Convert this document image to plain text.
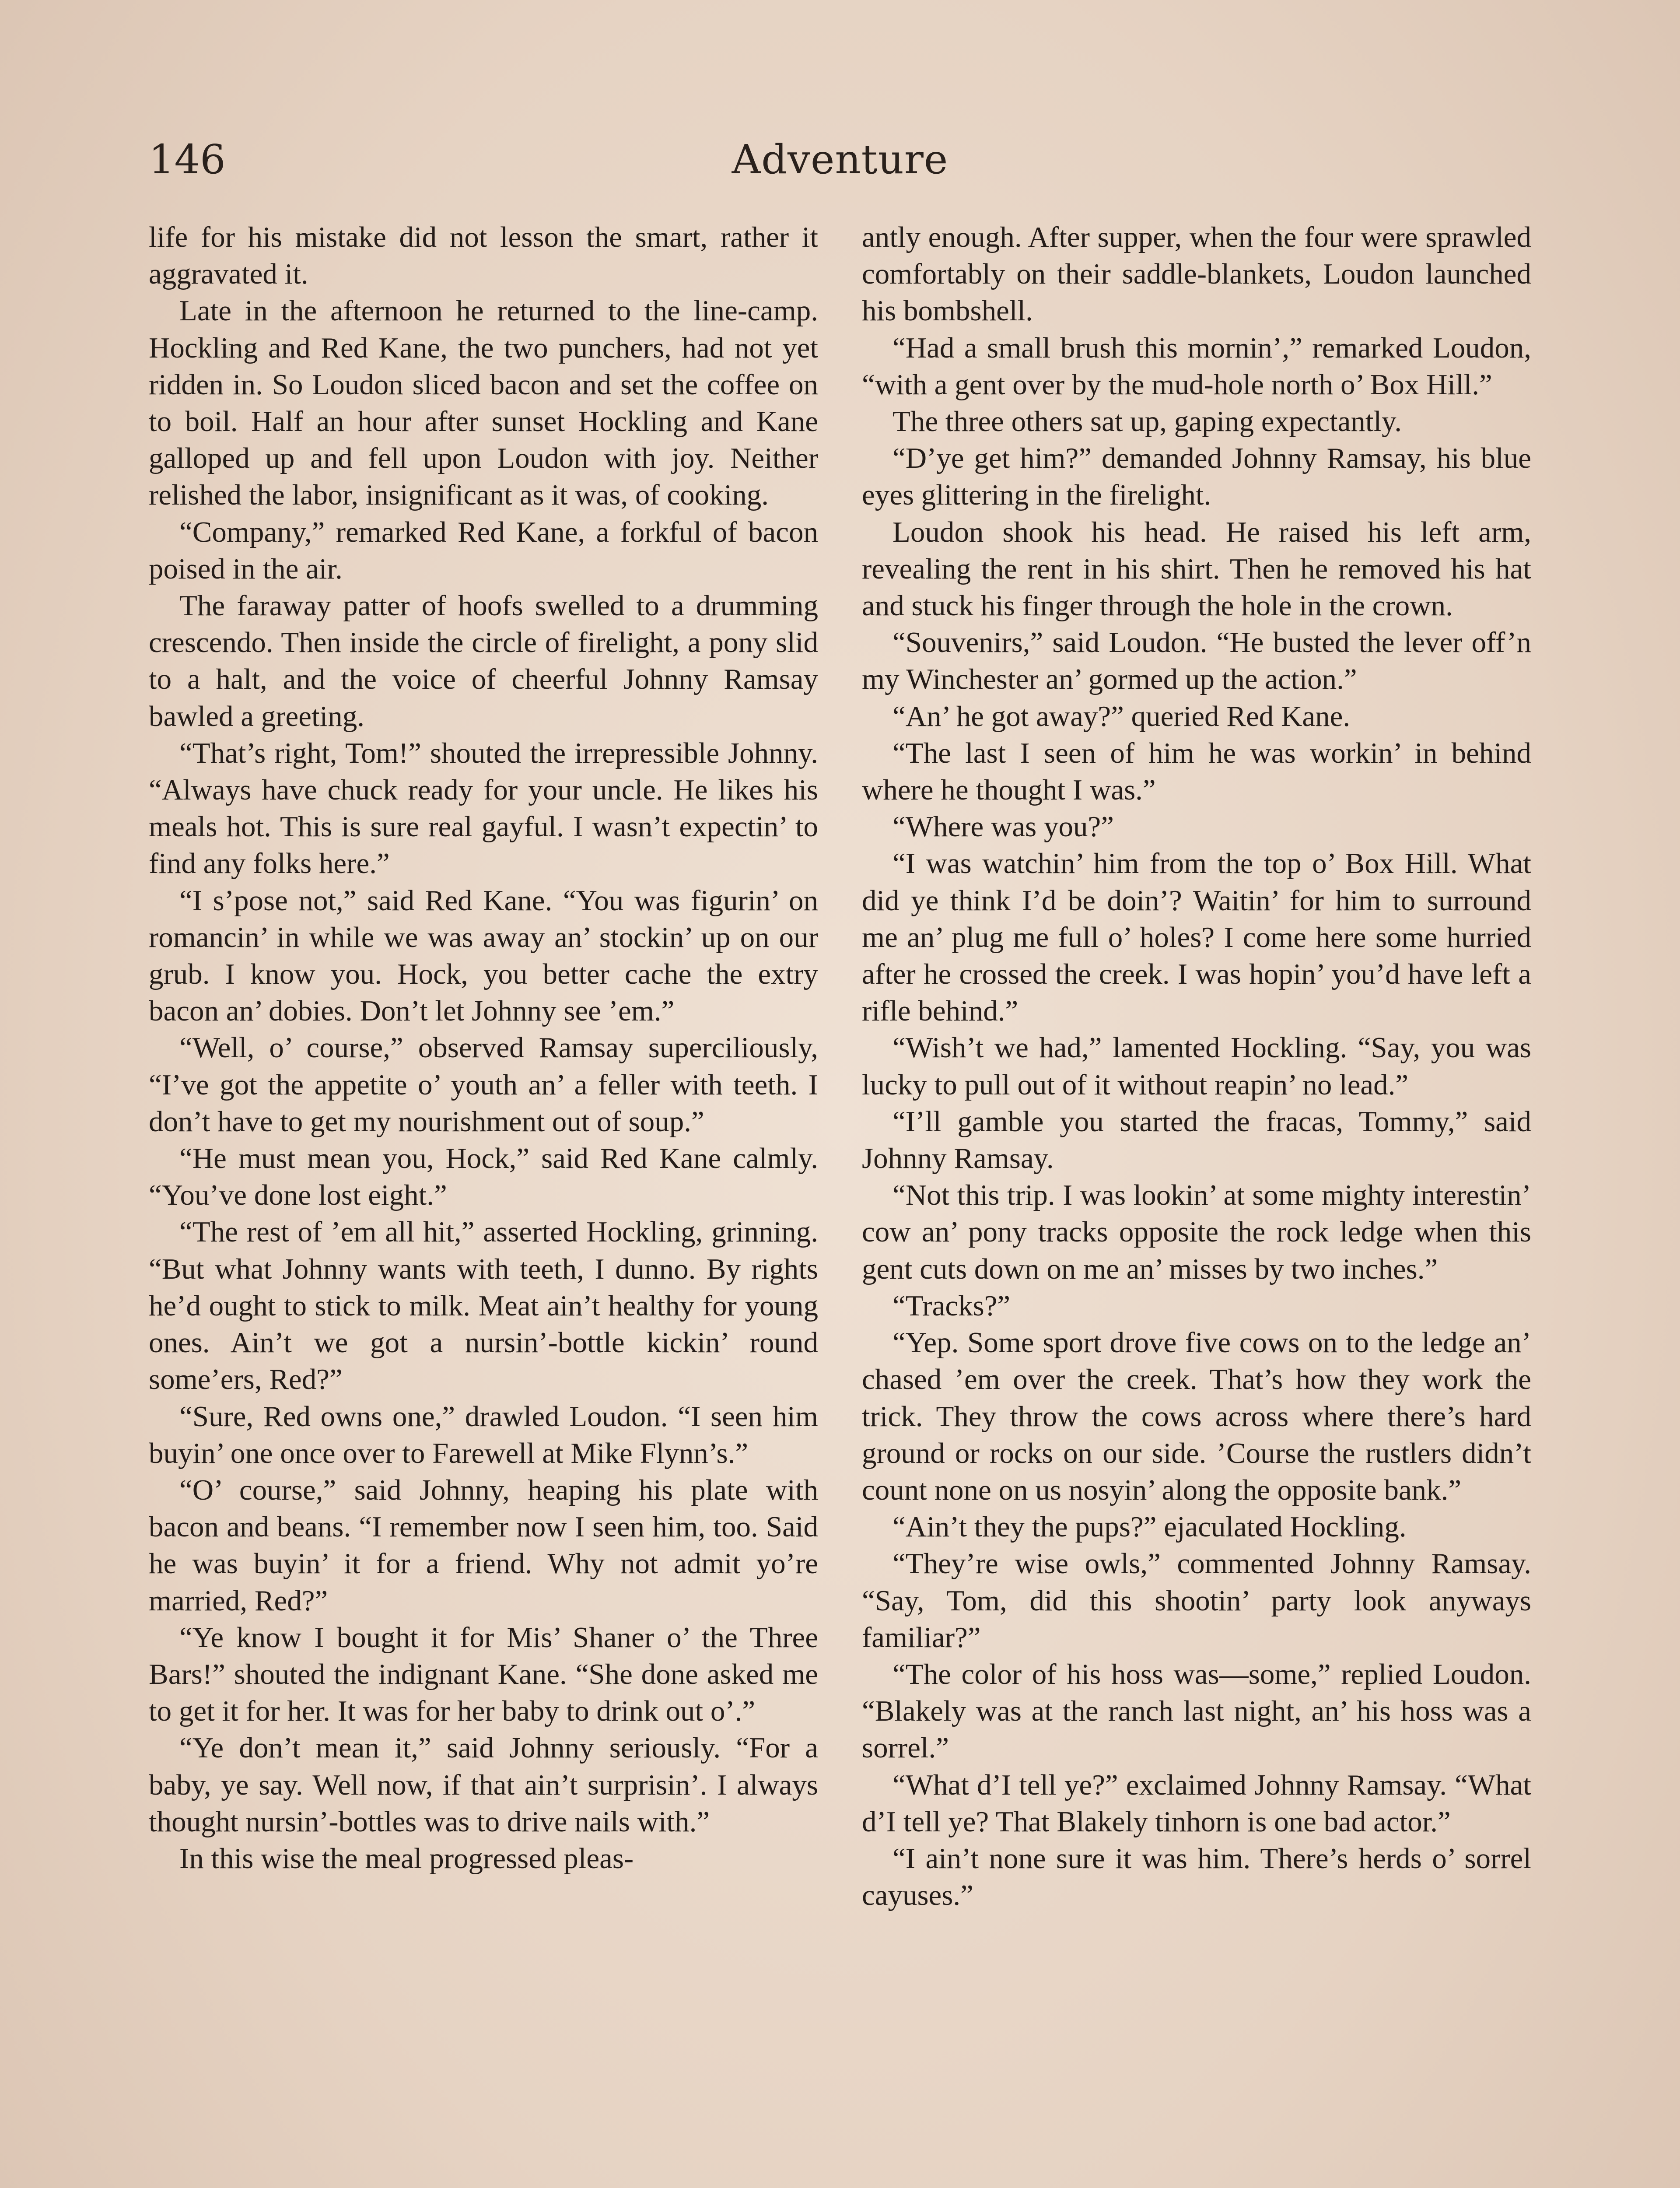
146	Adventure

life for his mistake did not lesson the smart, rather it aggravated it.

Late in the afternoon he returned to the line-camp. Hockling and Red Kane, the two punchers, had not yet ridden in. So Loudon sliced bacon and set the coffee on to boil. Half an hour after sunset Hockling and Kane galloped up and fell upon Loudon with joy. Neither relished the labor, insignificant as it was, of cooking.

“Company,” remarked Red Kane, a forkful of bacon poised in the air.

The faraway patter of hoofs swelled to a drumming crescendo. Then inside the circle of firelight, a pony slid to a halt, and the voice of cheerful Johnny Ramsay bawled a greeting.

“That’s right, Tom!” shouted the irrepressible Johnny. “Always have chuck ready for your uncle. He likes his meals hot. This is sure real gayful. I wasn’t expectin’ to find any folks here.”

“I s’pose not,” said Red Kane. “You was figurin’ on romancin’ in while we was away an’ stockin’ up on our grub. I know you. Hock, you better cache the extry bacon an’ dobies. Don’t let Johnny see ’em.”

“Well, o’ course,” observed Ramsay superciliously, “I’ve got the appetite o’ youth an’ a feller with teeth. I don’t have to get my nourishment out of soup.”

“He must mean you, Hock,” said Red Kane calmly. “You’ve done lost eight.”

“The rest of ’em all hit,” asserted Hockling, grinning. “But what Johnny wants with teeth, I dunno. By rights he’d ought to stick to milk. Meat ain’t healthy for young ones. Ain’t we got a nursin’-bottle kickin’ round some’ers, Red?”

“Sure, Red owns one,” drawled Loudon. “I seen him buyin’ one once over to Farewell at Mike Flynn’s.”

“O’ course,” said Johnny, heaping his plate with bacon and beans. “I remember now I seen him, too. Said he was buyin’ it for a friend. Why not admit yo’re married, Red?”

“Ye know I bought it for Mis’ Shaner o’ the Three Bars!” shouted the indignant Kane. “She done asked me to get it for her. It was for her baby to drink out o’.”

“Ye don’t mean it,” said Johnny seriously. “For a baby, ye say. Well now, if that ain’t surprisin’. I always thought nursin’-bottles was to drive nails with.”

In this wise the meal progressed pleas-

antly enough. After supper, when the four were sprawled comfortably on their saddle-blankets, Loudon launched his bombshell.

“Had a small brush this mornin’,” remarked Loudon, “with a gent over by the mud-hole north o’ Box Hill.”

The three others sat up, gaping expectantly.

“D’ye get him?” demanded Johnny Ramsay, his blue eyes glittering in the firelight.

Loudon shook his head. He raised his left arm, revealing the rent in his shirt. Then he removed his hat and stuck his finger through the hole in the crown.

“Souvenirs,” said Loudon. “He busted the lever off’n my Winchester an’ gormed up the action.”

“An’ he got away?” queried Red Kane.

“The last I seen of him he was workin’ in behind where he thought I was.”

“Where was you?”

“I was watchin’ him from the top o’ Box Hill. What did ye think I’d be doin’? Waitin’ for him to surround me an’ plug me full o’ holes? I come here some hurried after he crossed the creek. I was hopin’ you’d have left a rifle behind.”

“Wish’t we had,” lamented Hockling. “Say, you was lucky to pull out of it without reapin’ no lead.”

“I’ll gamble you started the fracas, Tommy,” said Johnny Ramsay.

“Not this trip. I was lookin’ at some mighty interestin’ cow an’ pony tracks opposite the rock ledge when this gent cuts down on me an’ misses by two inches.”

“Tracks?”

“Yep. Some sport drove five cows on to the ledge an’ chased ’em over the creek. That’s how they work the trick. They throw the cows across where there’s hard ground or rocks on our side. ’Course the rustlers didn’t count none on us nosyin’ along the opposite bank.”

“Ain’t they the pups?” ejaculated Hockling.

“They’re wise owls,” commented Johnny Ramsay. “Say, Tom, did this shootin’ party look anyways familiar?”

“The color of his hoss was—some,” replied Loudon. “Blakely was at the ranch last night, an’ his hoss was a sorrel.”

“What d’I tell ye?” exclaimed Johnny Ramsay. “What d’I tell ye? That Blakely tinhorn is one bad actor.”

“I ain’t none sure it was him. There’s herds o’ sorrel cayuses.”
